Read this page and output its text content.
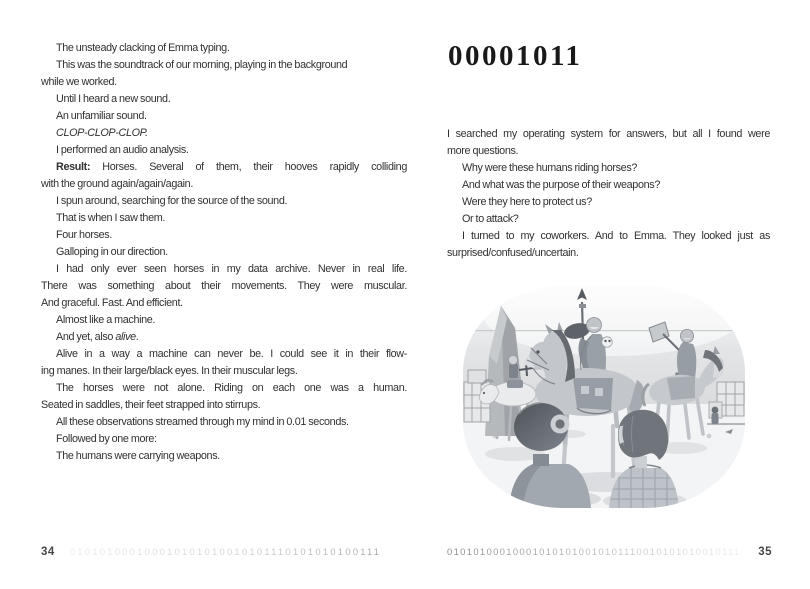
The unsteady clacking of Emma typing.
This was the soundtrack of our morning, playing in the background
while we worked.
Until I heard a new sound.
An unfamiliar sound.
CLOP-CLOP-CLOP.
I performed an audio analysis.
Result: Horses. Several of them, their hooves rapidly colliding
with the ground again/again/again.
I spun around, searching for the source of the sound.
That is when I saw them.
Four horses.
Galloping in our direction.
I had only ever seen horses in my data archive. Never in real life.
There was something about their movements. They were muscular.
And graceful. Fast. And efficient.
Almost like a machine.
And yet, also alive.
Alive in a way a machine can never be. I could see it in their flow-
ing manes. In their large/black eyes. In their muscular legs.
The horses were not alone. Riding on each one was a human.
Seated in saddles, their feet strapped into stirrups.
All these observations streamed through my mind in 0.01 seconds.
Followed by one more:
The humans were carrying weapons.
34 010101000100010101010010101110101010100111
00001011
I searched my operating system for answers, but all I found were
more questions.
Why were these humans riding horses?
And what was the purpose of their weapons?
Were they here to protect us?
Or to attack?
I turned to my coworkers. And to Emma. They looked just as
surprised/confused/uncertain.
010101000100010101010010101110010101010010111 35
